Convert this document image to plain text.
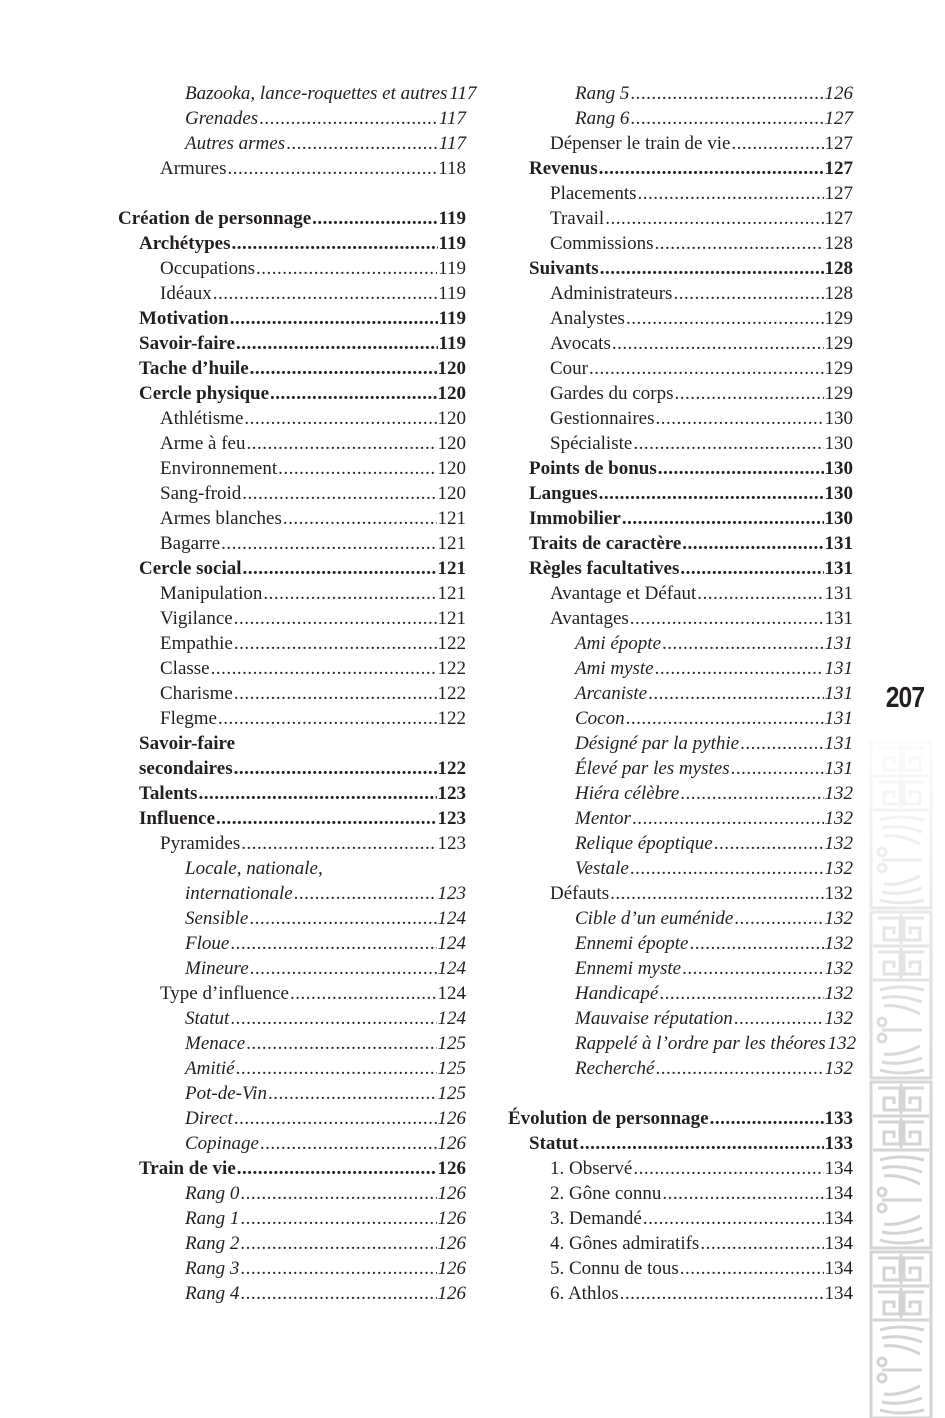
Bazooka, lance-roquettes et autres 117
Grenades .....	117
Autres armes .....	117
Armures .....	118
Création de personnage .....	119
Archétypes .....	119
Occupations .....	119
Idéaux .....	119
Motivation .....	119
Savoir-faire .....	119
Tache d’huile .....	120
Cercle physique .....	120
Athlétisme .....	120
Arme à feu .....	120
Environnement .....	120
Sang-froid .....	120
Armes blanches .....	121
Bagarre .....	121
Cercle social .....	121
Manipulation .....	121
Vigilance .....	121
Empathie .....	122
Classe .....	122
Charisme .....	122
Flegme .....	122
Savoir-faire
secondaires .....	122
Talents .....	123
Influence .....	123
Pyramides .....	123
Locale, nationale,
internationale .....	123
Sensible .....	124
Floue .....	124
Mineure .....	124
Type d’influence .....	124
Statut .....	124
Menace .....	125
Amitié .....	125
Pot-de-Vin .....	125
Direct .....	126
Copinage .....	126
Train de vie .....	126
Rang 0 .....	126
Rang 1 .....	126
Rang 2 .....	126
Rang 3 .....	126
Rang 4 .....	126
Rang 5 .....	126
Rang 6 .....	127
Dépenser le train de vie .....	127
Revenus .....	127
Placements .....	127
Travail .....	127
Commissions .....	128
Suivants .....	128
Administrateurs .....	128
Analystes .....	129
Avocats .....	129
Cour .....	129
Gardes du corps .....	129
Gestionnaires .....	130
Spécialiste .....	130
Points de bonus .....	130
Langues .....	130
Immobilier .....	130
Traits de caractère .....	131
Règles facultatives .....	131
Avantage et Défaut .....	131
Avantages .....	131
Ami épopte .....	131
Ami myste .....	131
Arcaniste .....	131
Cocon .....	131
Désigné par la pythie .....	131
Élevé par les mystes .....	131
Hiéra célèbre .....	132
Mentor .....	132
Relique époptique .....	132
Vestale .....	132
Défauts .....	132
Cible d’un euménide .....	132
Ennemi épopte .....	132
Ennemi myste .....	132
Handicapé .....	132
Mauvaise réputation .....	132
Rappelé à l’ordre par les théores 132
Recherché .....	132
Évolution de personnage .....	133
Statut .....	133
1. Observé .....	134
2. Gône connu .....	134
3. Demandé .....	134
4. Gônes admiratifs .....	134
5. Connu de tous .....	134
6. Athlos .....	134
207
